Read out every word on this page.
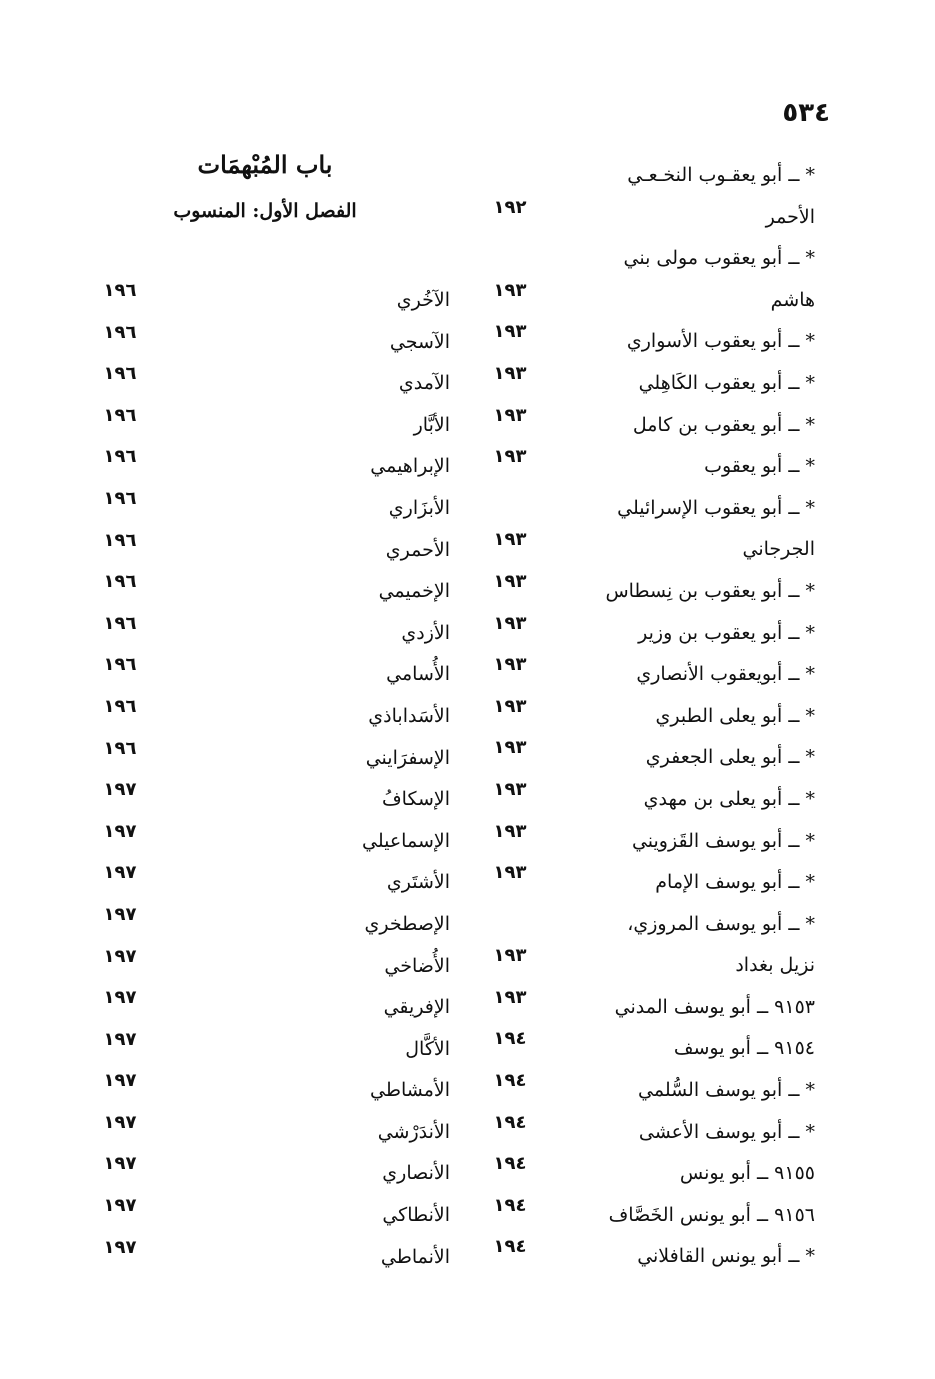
٥٣٤
باب المُبْهمَات
الفصل الأول: المنسوب
* ــ أبو يعقـوب النخـعـي
الأحمر
١٩٢
* ــ أبو يعقوب مولى بني
هاشم
١٩٣
* ــ أبو يعقوب الأسواري
١٩٣
* ــ أبو يعقوب الكَاهِلي
١٩٣
* ــ أبو يعقوب بن كامل
١٩٣
* ــ أبو يعقوب
١٩٣
* ــ أبو يعقوب الإسرائيلي
الجرجاني
١٩٣
* ــ أبو يعقوب بن نِسطاس
١٩٣
* ــ أبو يعقوب بن وزير
١٩٣
* ــ أبويعقوب الأنصاري
١٩٣
* ــ أبو يعلى الطبري
١٩٣
* ــ أبو يعلى الجعفري
١٩٣
* ــ أبو يعلى بن مهدي
١٩٣
* ــ أبو يوسف القَزويني
١٩٣
* ــ أبو يوسف الإمام
١٩٣
* ــ أبو يوسف المروزي،
نزيل بغداد
١٩٣
٩١٥٣ ــ أبو يوسف المدني
١٩٣
٩١٥٤ ــ أبو يوسف
١٩٤
* ــ أبو يوسف السُّلمي
١٩٤
* ــ أبو يوسف الأعشى
١٩٤
٩١٥٥ ــ أبو يونس
١٩٤
٩١٥٦ ــ أبو يونس الخَصَّاف
١٩٤
* ــ أبو يونس القافلاني
١٩٤
الآخُري
١٩٦
الآسجي
١٩٦
الآمدي
١٩٦
الأبَّار
١٩٦
الإبراهيمي
١٩٦
الأبزَاري
١٩٦
الأحمري
١٩٦
الإخميمي
١٩٦
الأزدي
١٩٦
الأُسامي
١٩٦
الأسَداباذي
١٩٦
الإسفرَايني
١٩٦
الإسكافُ
١٩٧
الإسماعيلي
١٩٧
الأشتَري
١٩٧
الإصطخري
١٩٧
الأُضاخي
١٩٧
الإفريقي
١٩٧
الأكَّال
١٩٧
الأمشاطي
١٩٧
الأندَرْشي
١٩٧
الأنصاري
١٩٧
الأنطاكي
١٩٧
الأنماطي
١٩٧
